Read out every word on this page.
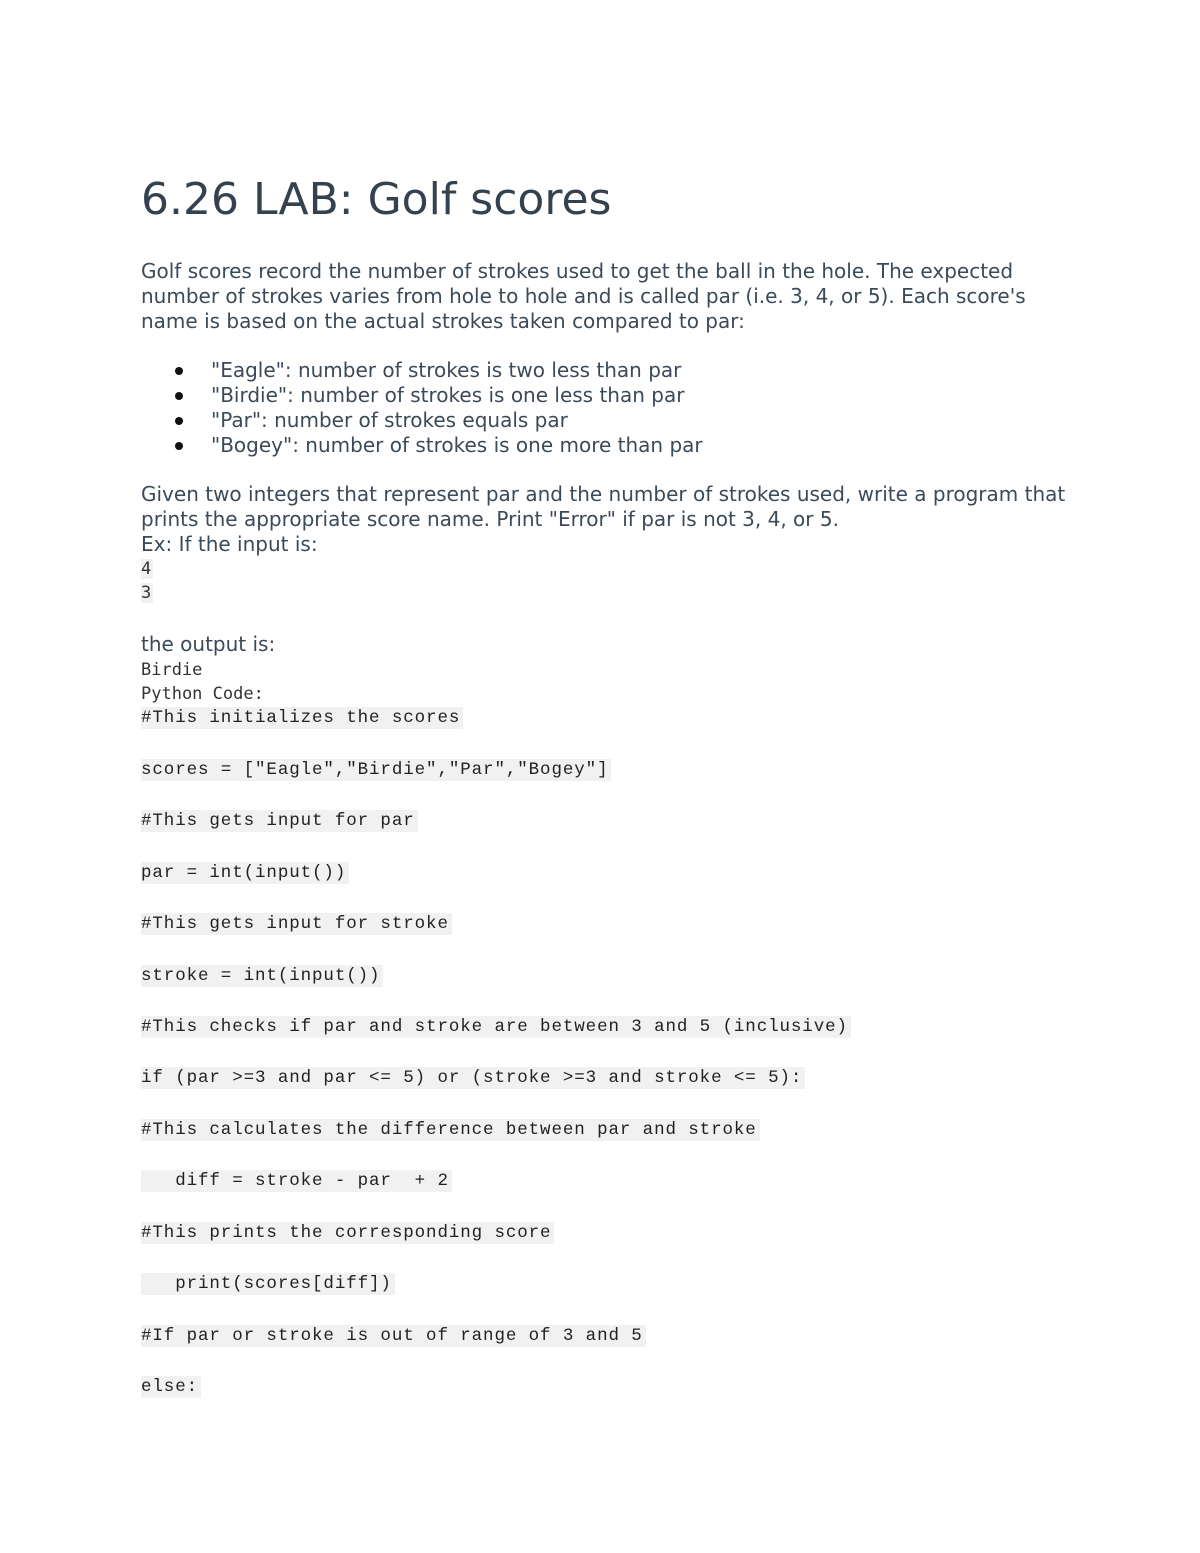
6.26 LAB: Golf scores

Golf scores record the number of strokes used to get the ball in the hole. The expected number of strokes varies from hole to hole and is called par (i.e. 3, 4, or 5). Each score's name is based on the actual strokes taken compared to par:

"Eagle": number of strokes is two less than par
"Birdie": number of strokes is one less than par
"Par": number of strokes equals par
"Bogey": number of strokes is one more than par
Given two integers that represent par and the number of strokes used, write a program that prints the appropriate score name. Print "Error" if par is not 3, 4, or 5.
Ex: If the input is:
4
3

the output is:

Birdie
Python Code:
#This initializes the scores
scores = ["Eagle","Birdie","Par","Bogey"]
#This gets input for par
par = int(input())
#This gets input for stroke
stroke = int(input())
#This checks if par and stroke are between 3 and 5 (inclusive)
if (par >=3 and par <= 5) or (stroke >=3 and stroke <= 5):
#This calculates the difference between par and stroke
diff = stroke - par  + 2
#This prints the corresponding score
print(scores[diff])
#If par or stroke is out of range of 3 and 5
else:
